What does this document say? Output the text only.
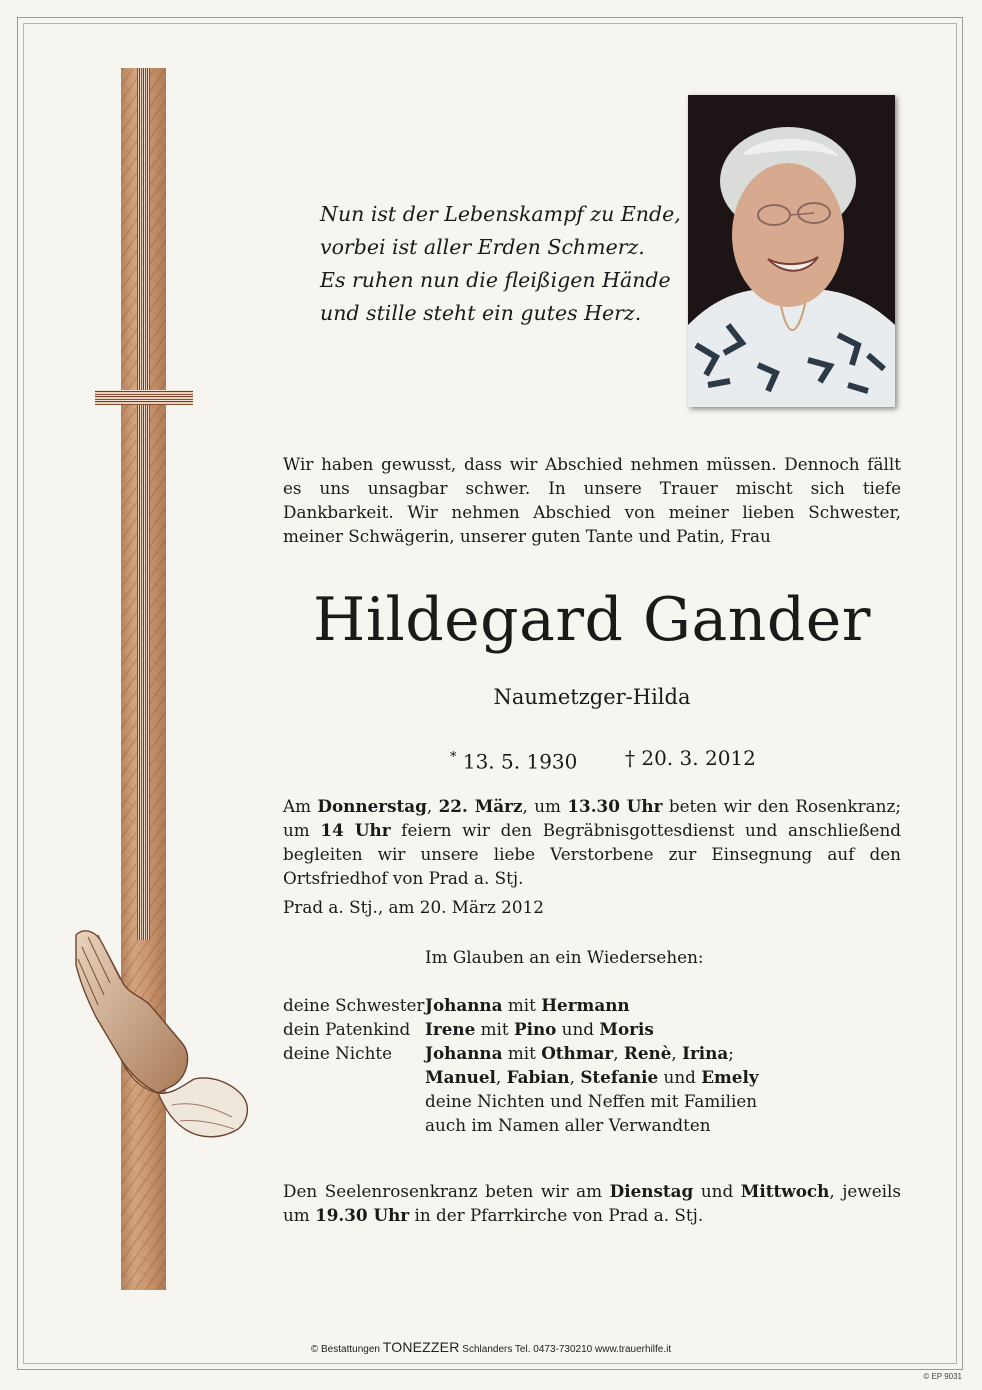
Nun ist der Lebenskampf zu Ende,

vorbei ist aller Erden Schmerz.

Es ruhen nun die fleißigen Hände

und stille steht ein gutes Herz.

Wir haben gewusst, dass wir Abschied nehmen müssen. Dennoch fällt es uns unsagbar schwer. In unsere Trauer mischt sich tiefe Dankbarkeit. Wir nehmen Abschied von meiner lieben Schwester, meiner Schwägerin, unserer guten Tante und Patin, Frau
Hildegard Gander
Naumetzger-Hilda
* 13. 5. 1930 † 20. 3. 2012
Am Donnerstag, 22. März, um 13.30 Uhr beten wir den Rosenkranz; um 14 Uhr feiern wir den Begräbnisgottesdienst und anschließend begleiten wir unsere liebe Verstorbene zur Einsegnung auf den Ortsfriedhof von Prad a. Stj.
Prad a. Stj., am 20. März 2012
Im Glauben an ein Wiedersehen:
deine Schwester Johanna mit Hermann
dein Patenkind Irene mit Pino und Moris
deine Nichte Johanna mit Othmar, Renè, Irina;
Manuel, Fabian, Stefanie und Emely
deine Nichten und Neffen mit Familien
auch im Namen aller Verwandten
Den Seelenrosenkranz beten wir am Dienstag und Mittwoch, jeweils um 19.30 Uhr in der Pfarrkirche von Prad a. Stj.
© Bestattungen TONEZZER Schlanders Tel. 0473-730210 www.trauerhilfe.it
© EP 9031
